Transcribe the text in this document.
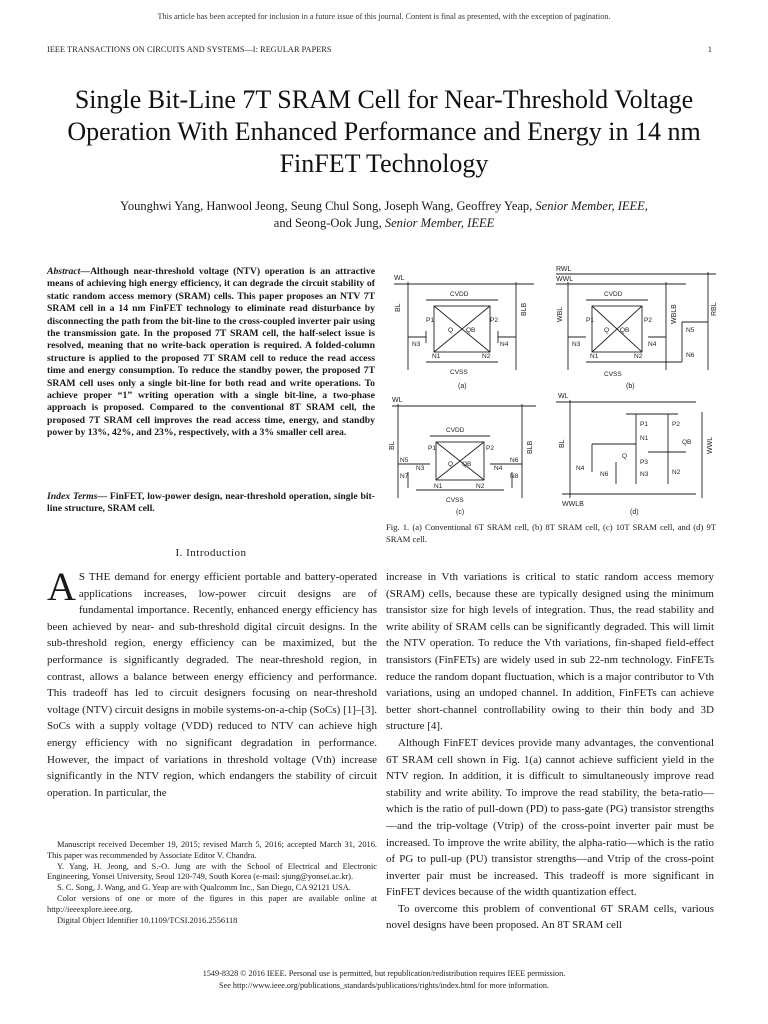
This article has been accepted for inclusion in a future issue of this journal. Content is final as presented, with the exception of pagination.
IEEE TRANSACTIONS ON CIRCUITS AND SYSTEMS—I: REGULAR PAPERS	1
Single Bit-Line 7T SRAM Cell for Near-Threshold Voltage Operation With Enhanced Performance and Energy in 14 nm FinFET Technology
Younghwi Yang, Hanwool Jeong, Seung Chul Song, Joseph Wang, Geoffrey Yeap, Senior Member, IEEE,
and Seong-Ook Jung, Senior Member, IEEE
Abstract—Although near-threshold voltage (NTV) operation is an attractive means of achieving high energy efficiency, it can degrade the circuit stability of static random access memory (SRAM) cells. This paper proposes an NTV 7T SRAM cell in a 14 nm FinFET technology to eliminate read disturbance by disconnecting the path from the bit-line to the cross-coupled inverter pair using the transmission gate. In the proposed 7T SRAM cell, the half-select issue is resolved, meaning that no write-back operation is required. A folded-column structure is applied to the proposed 7T SRAM cell to reduce the read access time and energy consumption. To reduce the standby power, the proposed 7T SRAM cell uses only a single bit-line for both read and write operations. To achieve proper “1” writing operation with a single bit-line, a two-phase approach is proposed. Compared to the conventional 8T SRAM cell, the proposed 7T SRAM cell improves the read access time, energy, and standby power by 13%, 42%, and 23%, respectively, with a 3% smaller cell area.
Index Terms— FinFET, low-power design, near-threshold operation, single bit-line structure, SRAM cell.
I. Introduction
A S THE demand for energy efficient portable and battery-operated applications increases, low-power circuit designs are of fundamental importance. Recently, enhanced energy efficiency has been achieved by near- and sub-threshold digital circuit designs. In the sub-threshold region, energy efficiency can be maximized, but the performance is significantly degraded. The near-threshold region, in contrast, allows a balance between energy efficiency and performance. This tradeoff has led to circuit designers focusing on near-threshold voltage (NTV) circuit designs in mobile systems-on-a-chip (SoCs) [1]–[3]. SoCs with a supply voltage (VDD) reduced to NTV can achieve high energy efficiency with no significant degradation in performance. However, the impact of variations in threshold voltage (Vth) increase significantly in the NTV region, which endangers the stability of circuit operation. In particular, the

increase in Vth variations is critical to static random access memory (SRAM) cells, because these are typically designed using the minimum transistor size for high levels of integration. Thus, the read stability and write ability of SRAM cells can be significantly degraded. This will limit the NTV operation. To reduce the Vth variations, fin-shaped field-effect transistors (FinFETs) are widely used in sub 22-nm technology. FinFETs reduce the random dopant fluctuation, which is a major contributor to Vth variations, using an undoped channel. In addition, FinFETs can achieve better short-channel controllability owing to their thin body and 3D structure [4].

Although FinFET devices provide many advantages, the conventional 6T SRAM cell shown in Fig. 1(a) cannot achieve sufficient yield in the NTV region. In addition, it is difficult to simultaneously improve read stability and write ability. To improve the read stability, the beta-ratio—which is the ratio of pull-down (PD) to pass-gate (PG) transistor strengths—and the trip-voltage (Vtrip) of the cross-point inverter pair must be increased. To improve the write ability, the alpha-ratio—which is the ratio of PG to pull-up (PU) transistor strengths—and Vtrip of the cross-point inverter pair must be increased. This tradeoff is more significant in FinFET devices because of the width quantization effect.

To overcome this problem of conventional 6T SRAM cells, various novel designs have been proposed. An 8T SRAM cell

Manuscript received December 19, 2015; revised March 5, 2016; accepted March 31, 2016. This paper was recommended by Associate Editor V. Chandra.
Y. Yang, H. Jeong, and S.-O. Jung are with the School of Electrical and Electronic Engineering, Yonsei University, Seoul 120-749, South Korea (e-mail: sjung@yonsei.ac.kr).
S. C. Song, J. Wang, and G. Yeap are with Qualcomm Inc., San Diego, CA 92121 USA.
Color versions of one or more of the figures in this paper are available online at http://ieeexplore.ieee.org.
Digital Object Identifier 10.1109/TCSI.2016.2556118
1549-8328 © 2016 IEEE. Personal use is permitted, but republication/redistribution requires IEEE permission.
See http://www.ieee.org/publications_standards/publications/rights/index.html for more information.
WL
BL	BLB
CVDD
CVSS
P1	P2
N3	N4
N1	N2
Q QB
(a)
RWL
WWL
WBL	WBLB	RBL
CVDD
CVSS
P1	P2
N3	N4
N1	N2
N5
N6
Q QB
(b)
WL
BL	BLB
CVDD
CVSS
P1	P2
N5	N6
N7	N8
N3	N4
N1	N2
Q QB
(c)
WL
BL	WWL
P1
N1
P2
N2
P3
N3
N4
N6
Q
QB
WWLB
(d)
Fig. 1. (a) Conventional 6T SRAM cell, (b) 8T SRAM cell, (c) 10T SRAM cell, and (d) 9T SRAM cell.
